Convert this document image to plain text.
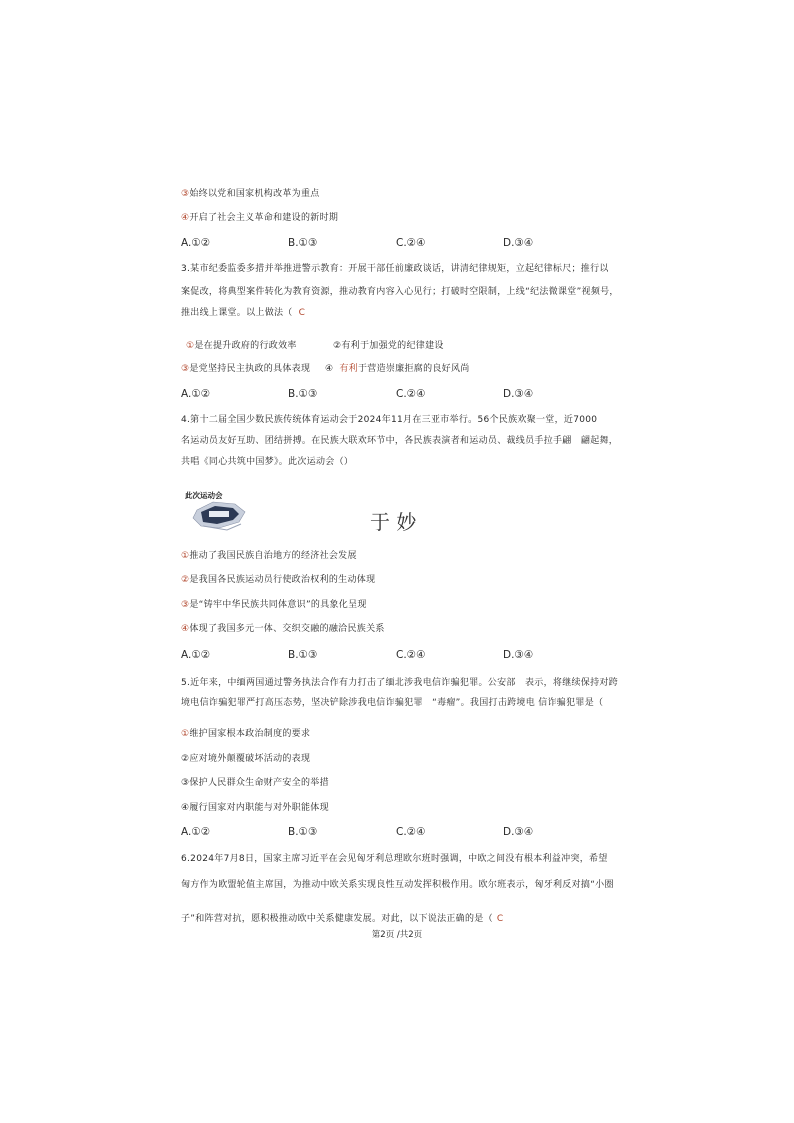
③始终以党和国家机构改革为重点
④开启了社会主义革命和建设的新时期
A.①②	B.①③	C.②④	D.③④
3.某市纪委监委多措并举推进警示教育：开展干部任前廉政谈话，讲清纪律规矩，立起纪律标尺；推行以
案促改，将典型案件转化为教育资源，推动教育内容入心见行；打破时空限制，上线“纪法微课堂”视频号，
推出线上课堂。以上做法（ C
①是在提升政府的行政效率	②有利于加强党的纪律建设
③是党坚持民主执政的具体表现 ④ 有利于营造崇廉拒腐的良好风尚
A.①②	B.①③	C.②④	D.③④
4.第十二届全国少数民族传统体育运动会于2024年11月在三亚市举行。56个民族欢聚一堂，近7000
名运动员友好互助、团结拼搏。在民族大联欢环节中，各民族表演者和运动员、裁线员手拉手翩　翩起舞，
共唱《同心共筑中国梦》。此次运动会（）
此次运动会
于 妙
①推动了我国民族自治地方的经济社会发展
②是我国各民族运动员行使政治权利的生动体现
③是“铸牢中华民族共同体意识”的具象化呈现
④体现了我国多元一体、交织交融的融洽民族关系
A.①②	B.①③	C.②④	D.③④
5.近年来，中缅两国通过警务执法合作有力打击了缅北涉我电信诈骗犯罪。公安部　表示，将继续保持对跨
境电信诈骗犯罪严打高压态势，坚决铲除涉我电信诈骗犯罪　“毒瘤”。我国打击跨境电 信诈骗犯罪是（
①维护国家根本政治制度的要求
②应对境外颠覆破坏活动的表现
③保护人民群众生命财产安全的举措
④履行国家对内职能与对外职能体现
A.①②	B.①③	C.②④	D.③④
6.2024年7月8日，国家主席习近平在会见匈牙利总理欧尔班时强调，中欧之间没有根本利益冲突，希望
匈方作为欧盟轮值主席国，为推动中欧关系实现良性互动发挥积极作用。欧尔班表示，匈牙利反对搞“小圈
子”和阵营对抗，愿积极推动欧中关系健康发展。对此，以下说法正确的是（ C
第2页 /共2页
